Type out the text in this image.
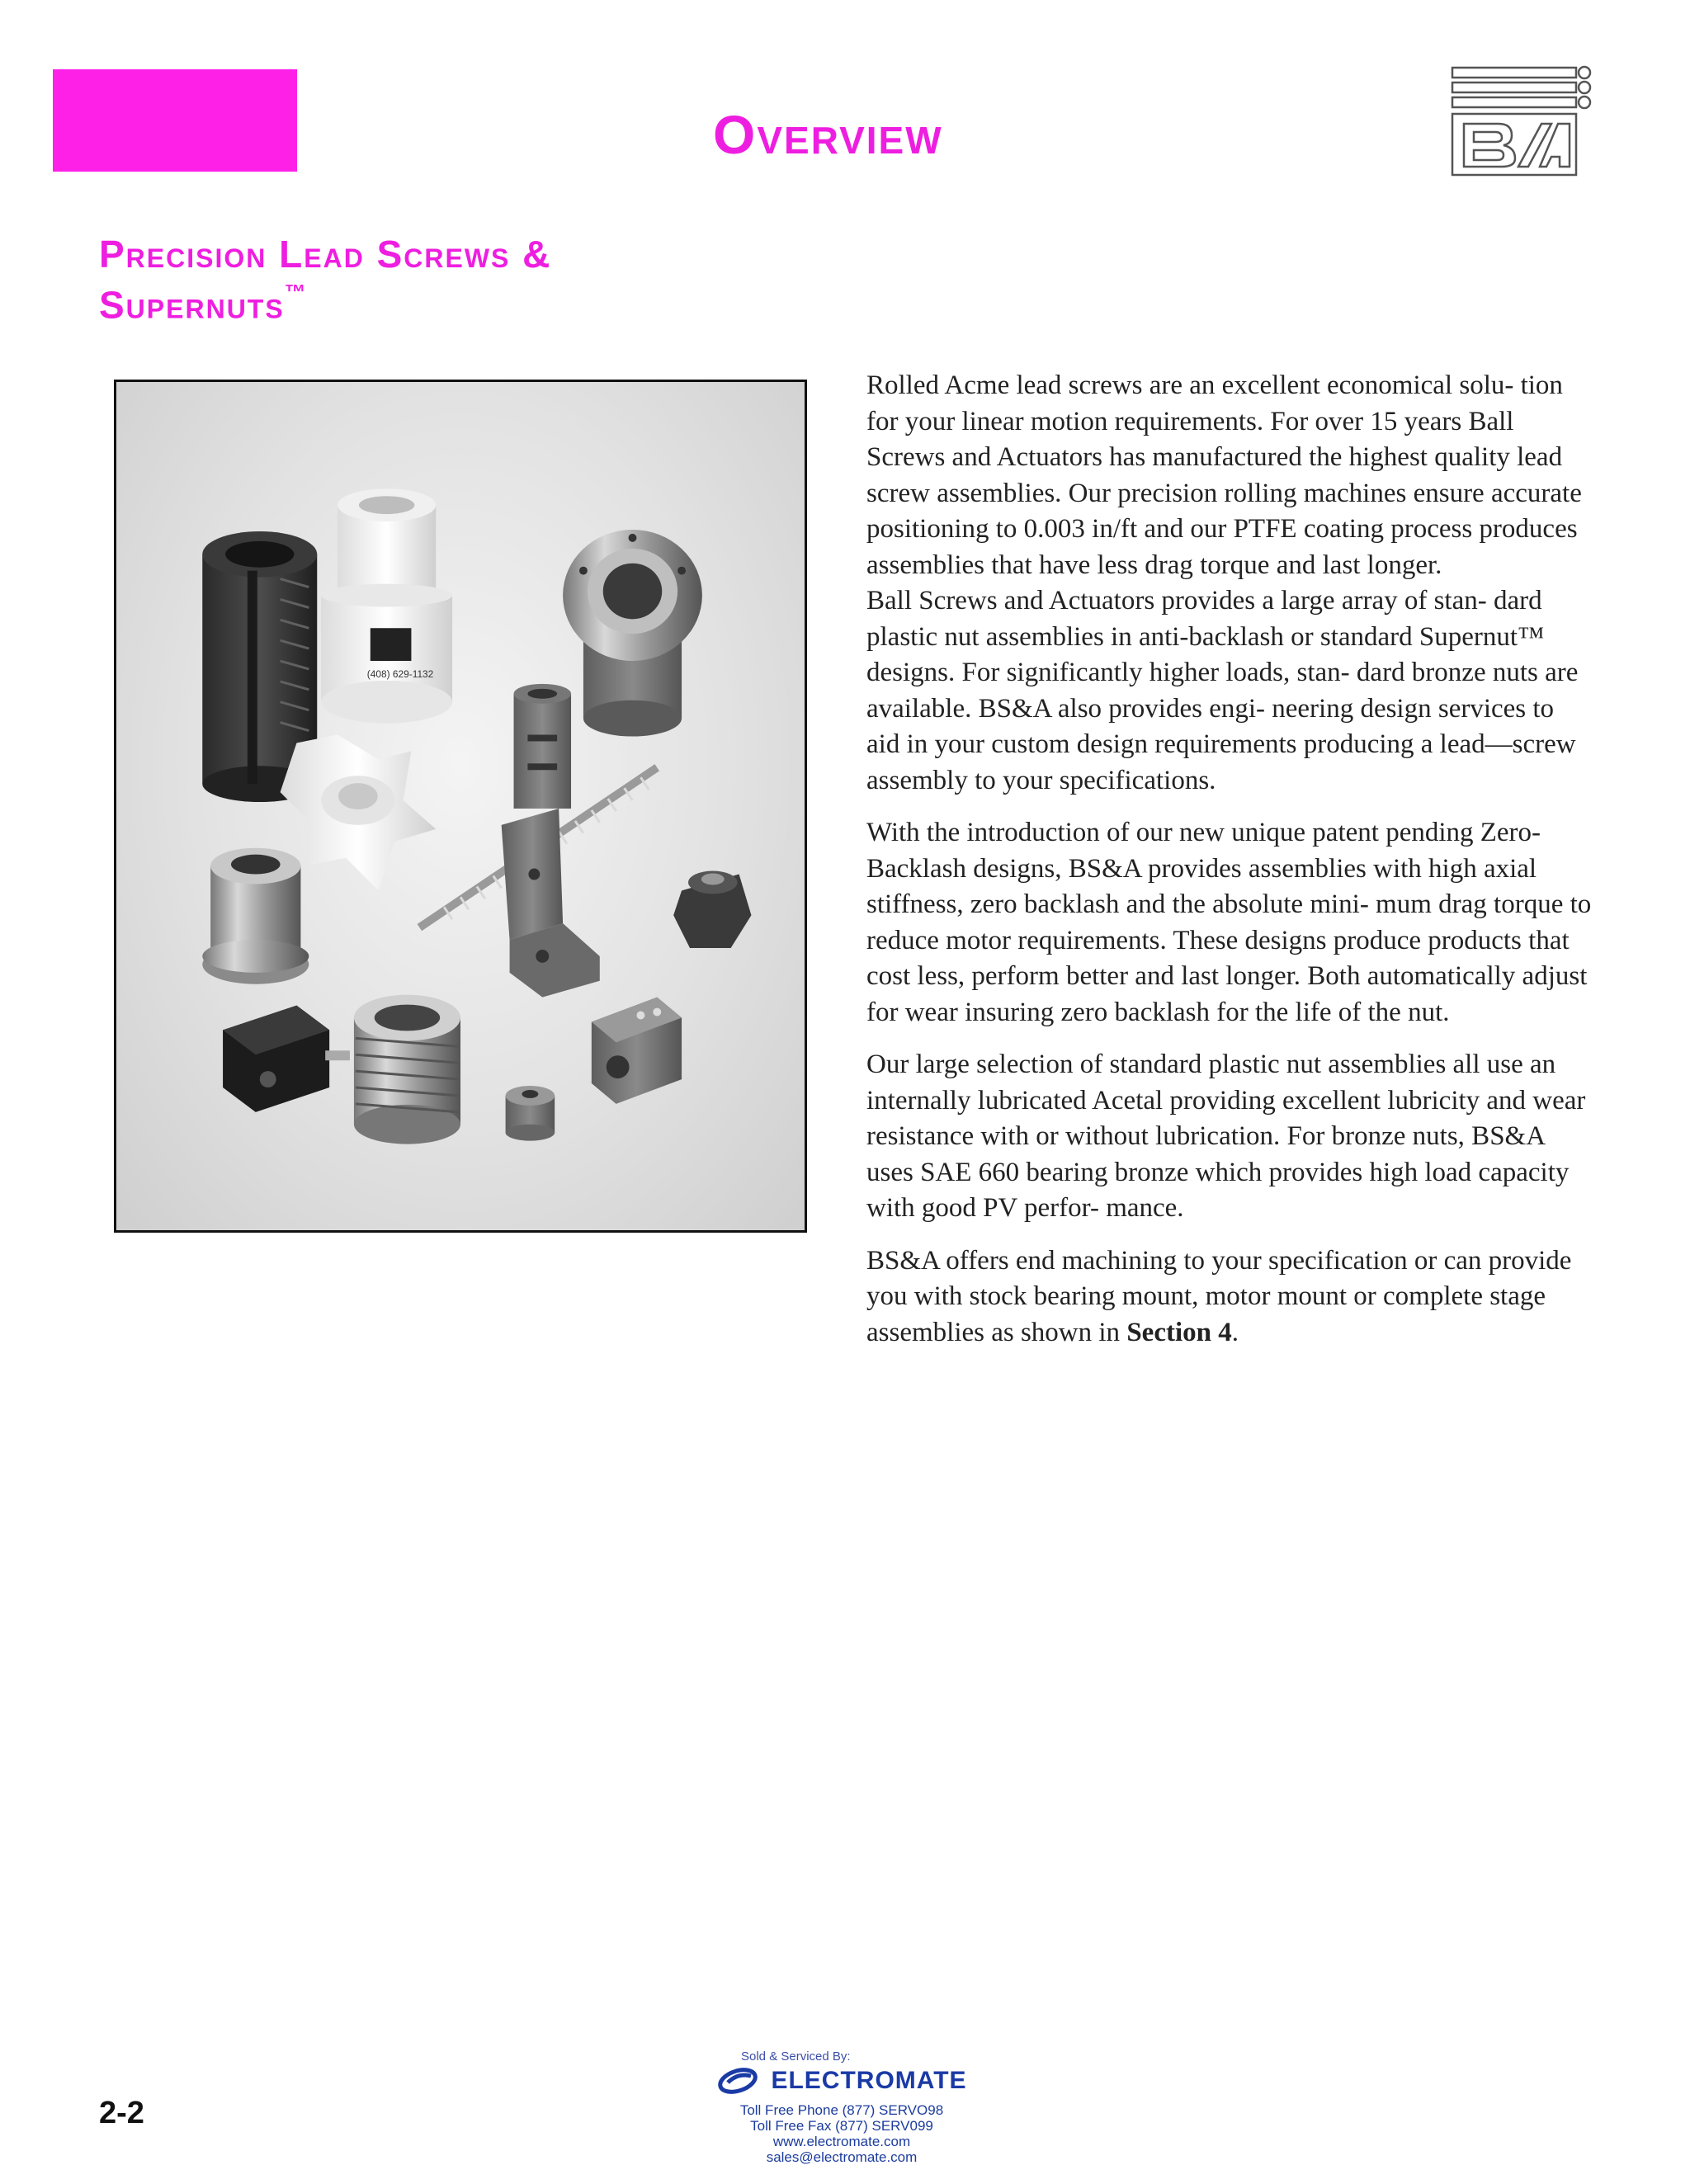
Overview
Precision Lead Screws &
Supernuts™
(408) 629-1132

Rolled Acme lead screws are an excellent economical solu- tion for your linear motion requirements. For over 15 years Ball Screws and Actuators has manufactured the highest quality lead screw assemblies. Our precision rolling machines ensure accurate positioning to 0.003 in/ft and our PTFE coating process produces assemblies that have less drag torque and last longer.

Ball Screws and Actuators provides a large array of stan- dard plastic nut assemblies in anti-backlash or standard Supernut™ designs. For significantly higher loads, stan- dard bronze nuts are available. BS&A also provides engi- neering design services to aid in your custom design requirements producing a lead—screw assembly to your specifications.

With the introduction of our new unique patent pending Zero-Backlash designs, BS&A provides assemblies with high axial stiffness, zero backlash and the absolute mini- mum drag torque to reduce motor requirements. These designs produce products that cost less, perform better and last longer. Both automatically adjust for wear insuring zero backlash for the life of the nut.

Our large selection of standard plastic nut assemblies all use an internally lubricated Acetal providing excellent lubricity and wear resistance with or without lubrication. For bronze nuts, BS&A uses SAE 660 bearing bronze which provides high load capacity with good PV perfor- mance.

BS&A offers end machining to your specification or can provide you with stock bearing mount, motor mount or complete stage assemblies as shown in Section 4.

2-2
Sold & Serviced By:
ELECTROMATE
Toll Free Phone (877) SERVO98
Toll Free Fax (877) SERV099
www.electromate.com
sales@electromate.com
